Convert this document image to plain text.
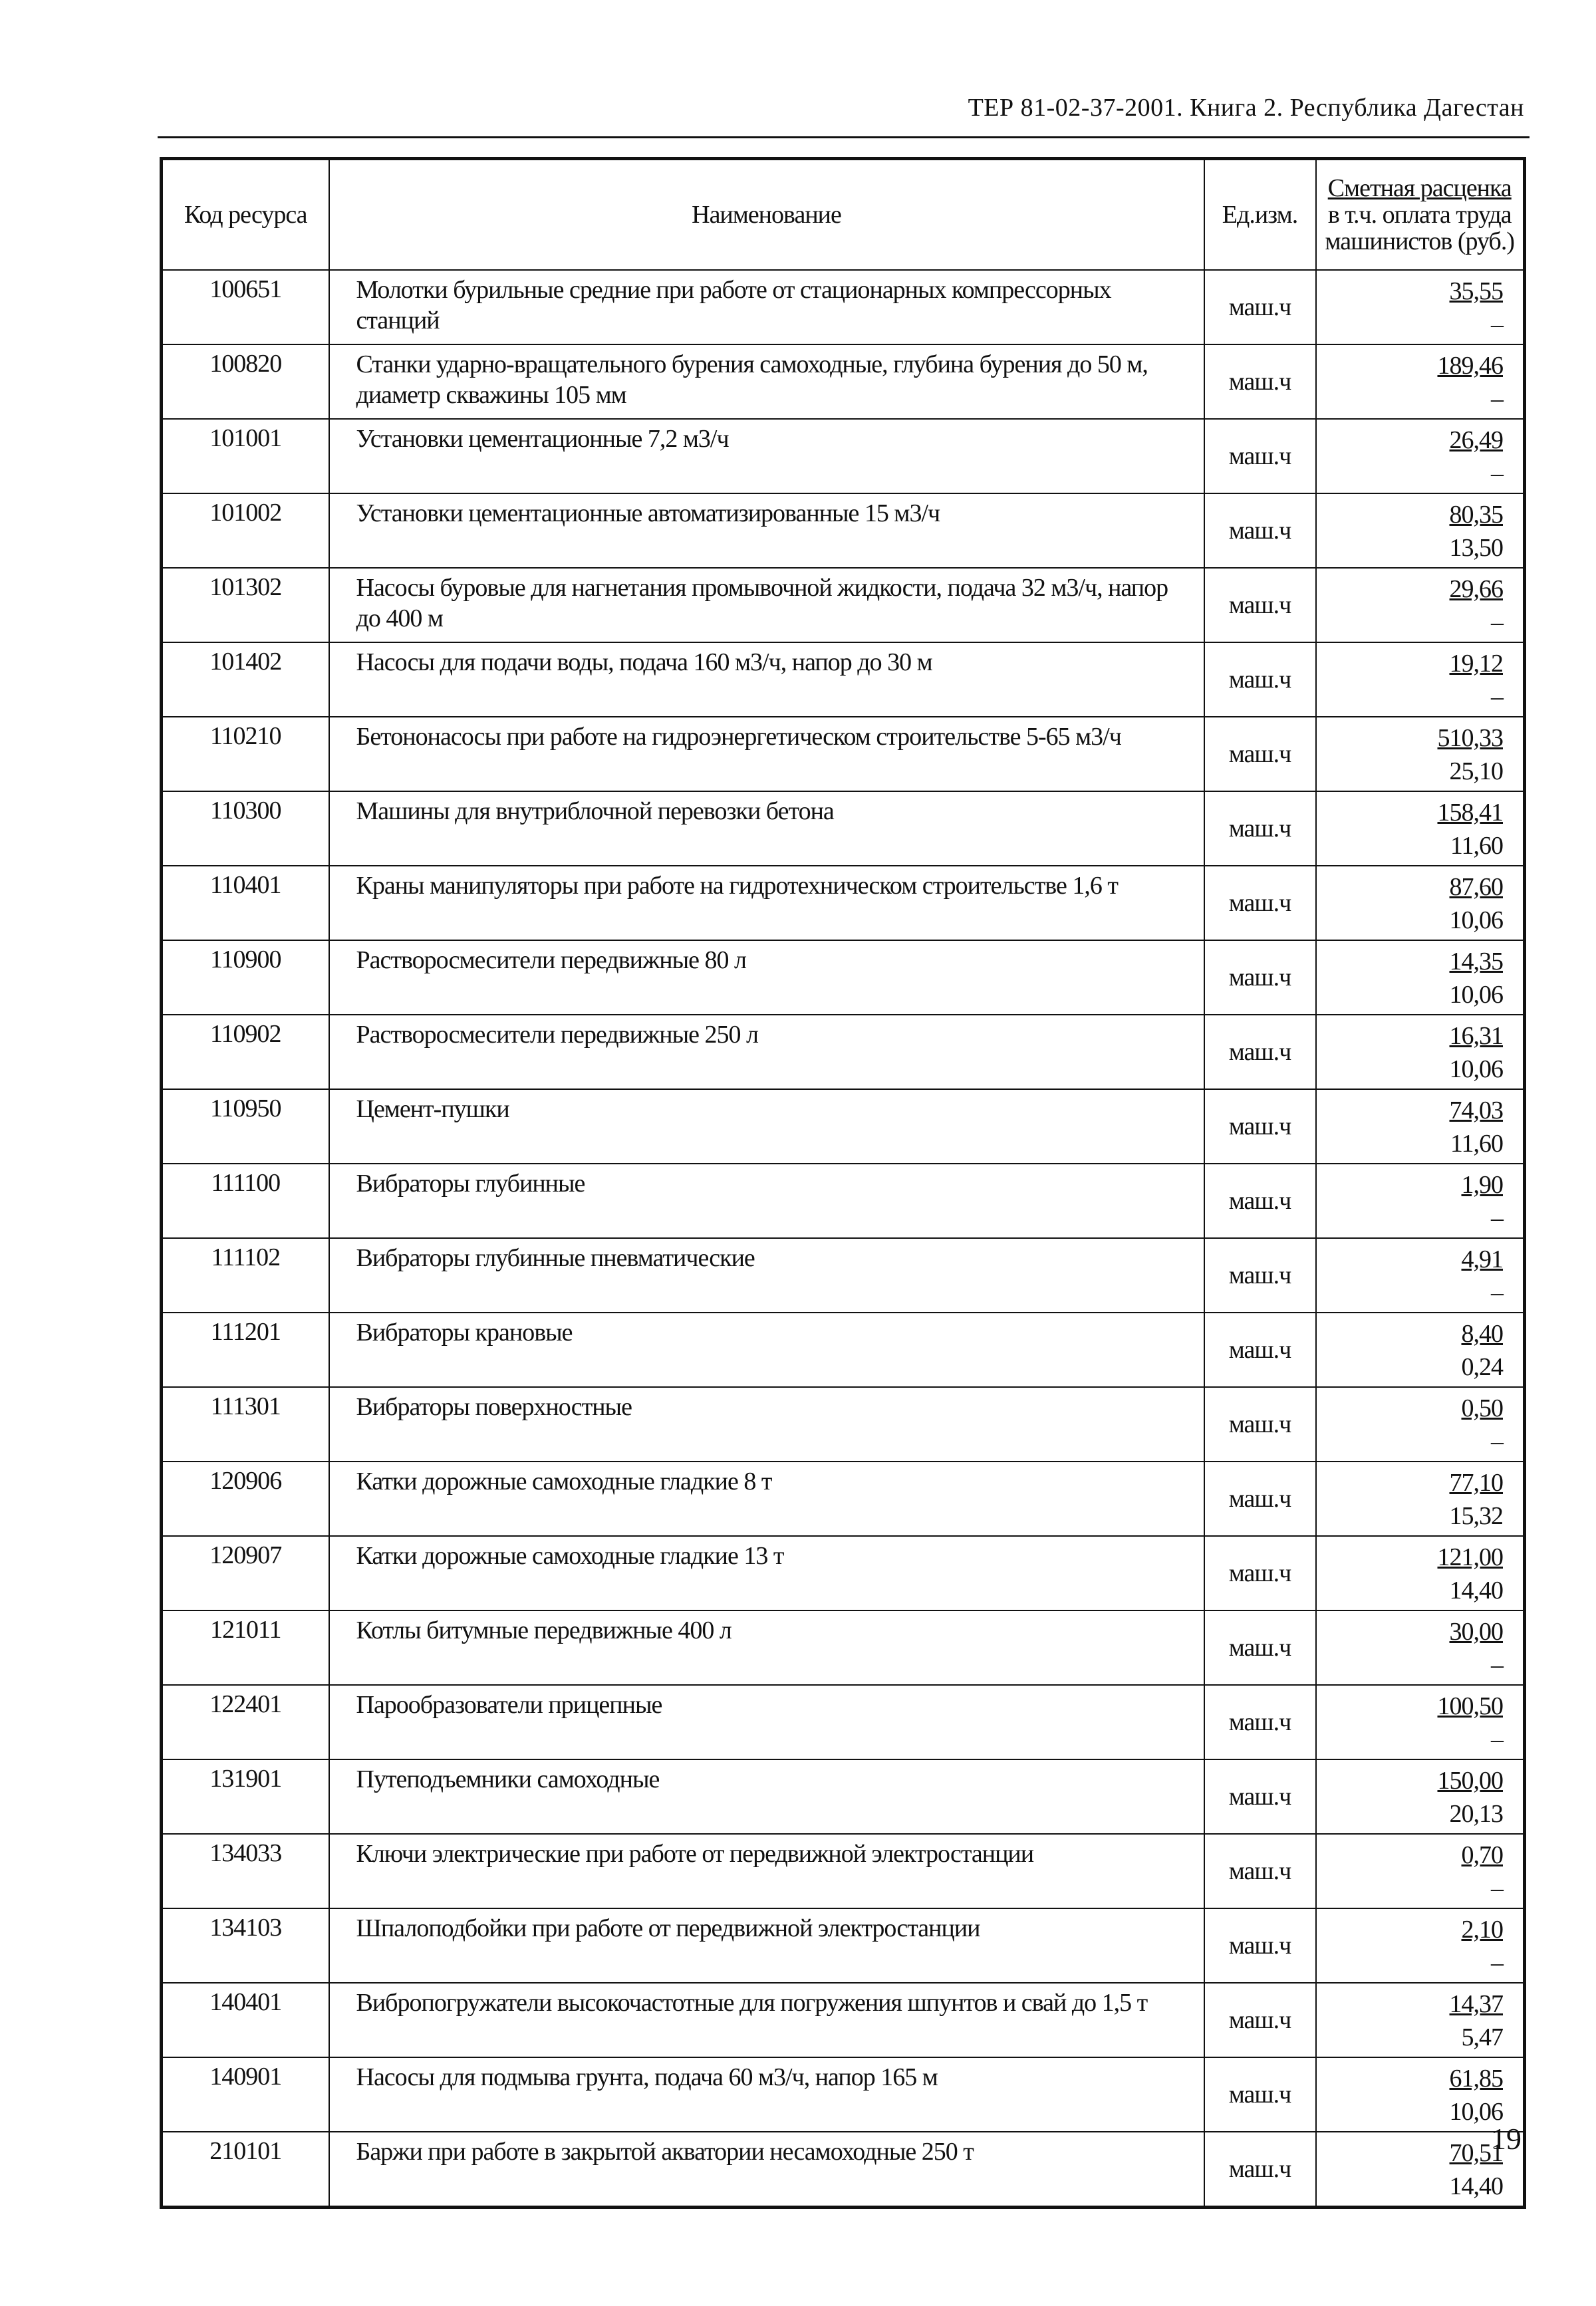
ТЕР 81-02-37-2001. Книга 2. Республика Дагестан
Код ресурса	Наименование	Ед.изм.	Сметная расценка
в т.ч. оплата труда
машинистов (руб.)

100651	Молотки бурильные средние при работе от стационарных компрессорных станций	маш.ч	35,55
–

100820	Станки ударно-вращательного бурения самоходные, глубина бурения до 50 м, диаметр скважины 105 мм	маш.ч	189,46
–

101001	Установки цементационные 7,2 м3/ч	маш.ч	26,49
–

101002	Установки цементационные автоматизированные 15 м3/ч	маш.ч	80,35
13,50

101302	Насосы буровые для нагнетания промывочной жидкости, подача 32 м3/ч, напор до 400 м	маш.ч	29,66
–

101402	Насосы для подачи воды, подача 160 м3/ч, напор до 30 м	маш.ч	19,12
–

110210	Бетононасосы при работе на гидроэнергетическом строительстве 5-65 м3/ч	маш.ч	510,33
25,10

110300	Машины для внутриблочной перевозки бетона	маш.ч	158,41
11,60

110401	Краны манипуляторы при работе на гидротехническом строительстве 1,6 т	маш.ч	87,60
10,06

110900	Растворосмесители передвижные 80 л	маш.ч	14,35
10,06

110902	Растворосмесители передвижные 250 л	маш.ч	16,31
10,06

110950	Цемент-пушки	маш.ч	74,03
11,60

111100	Вибраторы глубинные	маш.ч	1,90
–

111102	Вибраторы глубинные пневматические	маш.ч	4,91
–

111201	Вибраторы крановые	маш.ч	8,40
0,24

111301	Вибраторы поверхностные	маш.ч	0,50
–

120906	Катки дорожные самоходные гладкие 8 т	маш.ч	77,10
15,32

120907	Катки дорожные самоходные гладкие 13 т	маш.ч	121,00
14,40

121011	Котлы битумные передвижные 400 л	маш.ч	30,00
–

122401	Парообразователи прицепные	маш.ч	100,50
–

131901	Путеподъемники самоходные	маш.ч	150,00
20,13

134033	Ключи электрические при работе от передвижной электростанции	маш.ч	0,70
–

134103	Шпалоподбойки при работе от передвижной электростанции	маш.ч	2,10
–

140401	Вибропогружатели высокочастотные для погружения шпунтов и свай до 1,5 т	маш.ч	14,37
5,47

140901	Насосы для подмыва грунта, подача 60 м3/ч, напор 165 м	маш.ч	61,85
10,06

210101	Баржи при работе в закрытой акватории несамоходные 250 т	маш.ч	70,51
14,40
19
